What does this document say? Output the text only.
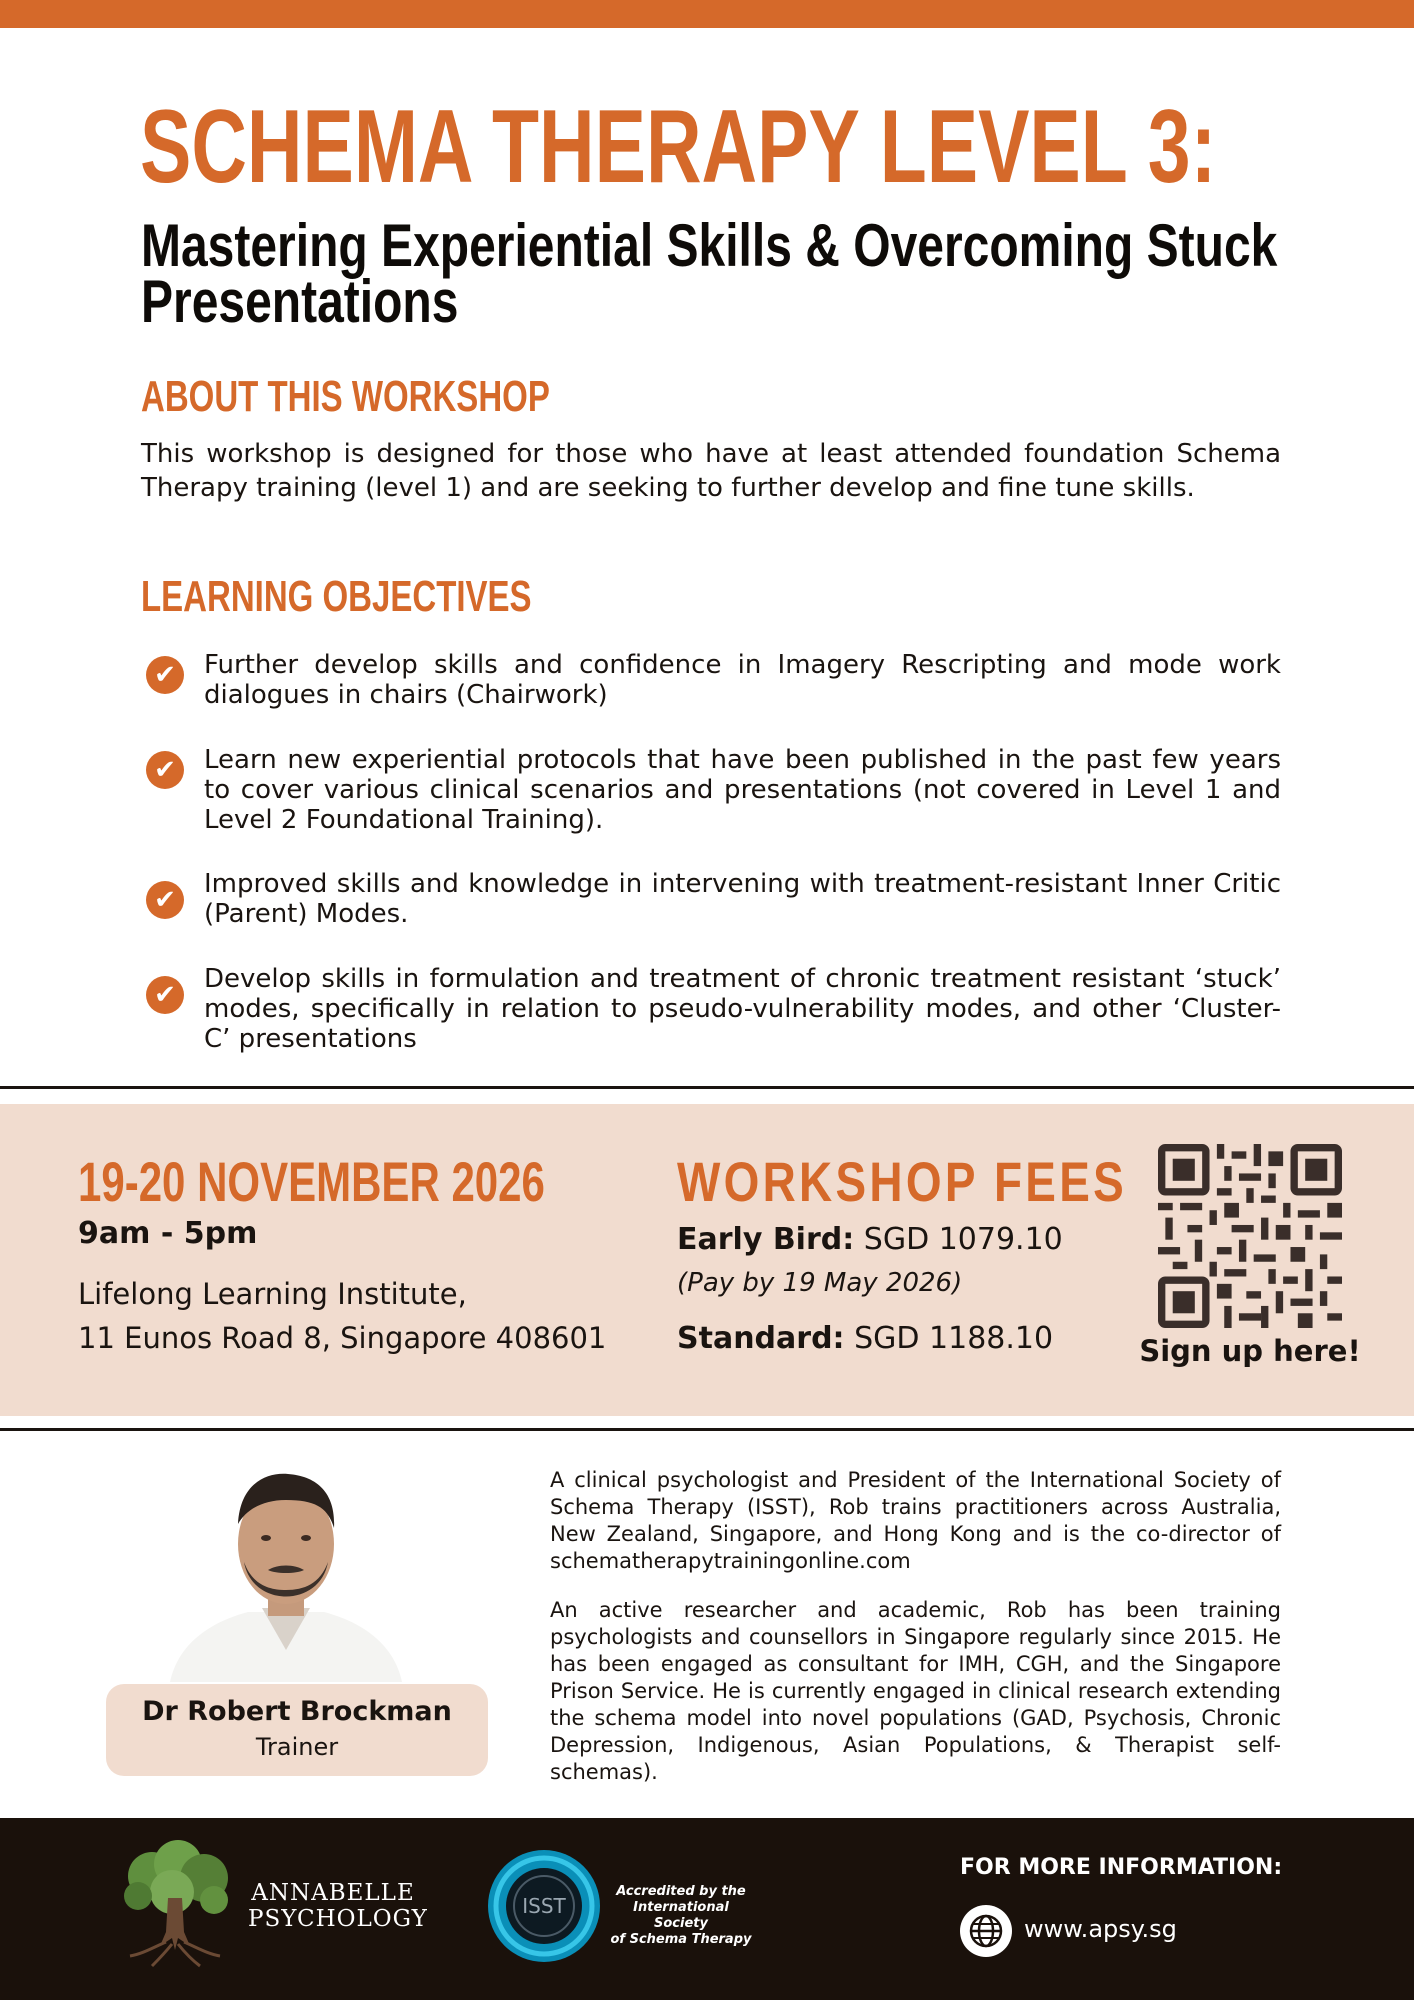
SCHEMA THERAPY LEVEL 3:
Mastering Experiential Skills & Overcoming Stuck Presentations
ABOUT THIS WORKSHOP

This workshop is designed for those who have at least attended foundation Schema Therapy training (level 1) and are seeking to further develop and fine tune skills.

LEARNING OBJECTIVES
✔	Further develop skills and confidence in Imagery Rescripting and mode work dialogues in chairs (Chairwork)

✔	Learn new experiential protocols that have been published in the past few years to cover various clinical scenarios and presentations (not covered in Level 1 and Level 2 Foundational Training).

✔

Improved skills and knowledge in intervening with treatment-resistant Inner Critic (Parent) Modes.

✔

Develop skills in formulation and treatment of chronic treatment resistant ‘stuck’ modes, specifically in relation to pseudo-vulnerability modes, and other ‘Cluster-C’ presentations

19-20 NOVEMBER 2026

9am - 5pm

Lifelong Learning Institute,

11 Eunos Road 8, Singapore 408601

WORKSHOP FEES

Early Bird: SGD 1079.10

(Pay by 19 May 2026)

Standard: SGD 1188.10	Sign up here!

Dr Robert Brockman

Trainer

A clinical psychologist and President of the International Society of Schema Therapy (ISST), Rob trains practitioners across Australia, New Zealand, Singapore, and Hong Kong and is the co-director of schematherapytrainingonline.com

An active researcher and academic, Rob has been training psychologists and counsellors in Singapore regularly since 2015. He has been engaged as consultant for IMH, CGH, and the Singapore Prison Service. He is currently engaged in clinical research extending the schema model into novel populations (GAD, Psychosis, Chronic Depression, Indigenous, Asian Populations, & Therapist self-schemas).

ANNABELLE
PSYCHOLOGY	ISST

Accredited by the
International Society
of Schema Therapy

FOR MORE INFORMATION:

www.apsy.sg
